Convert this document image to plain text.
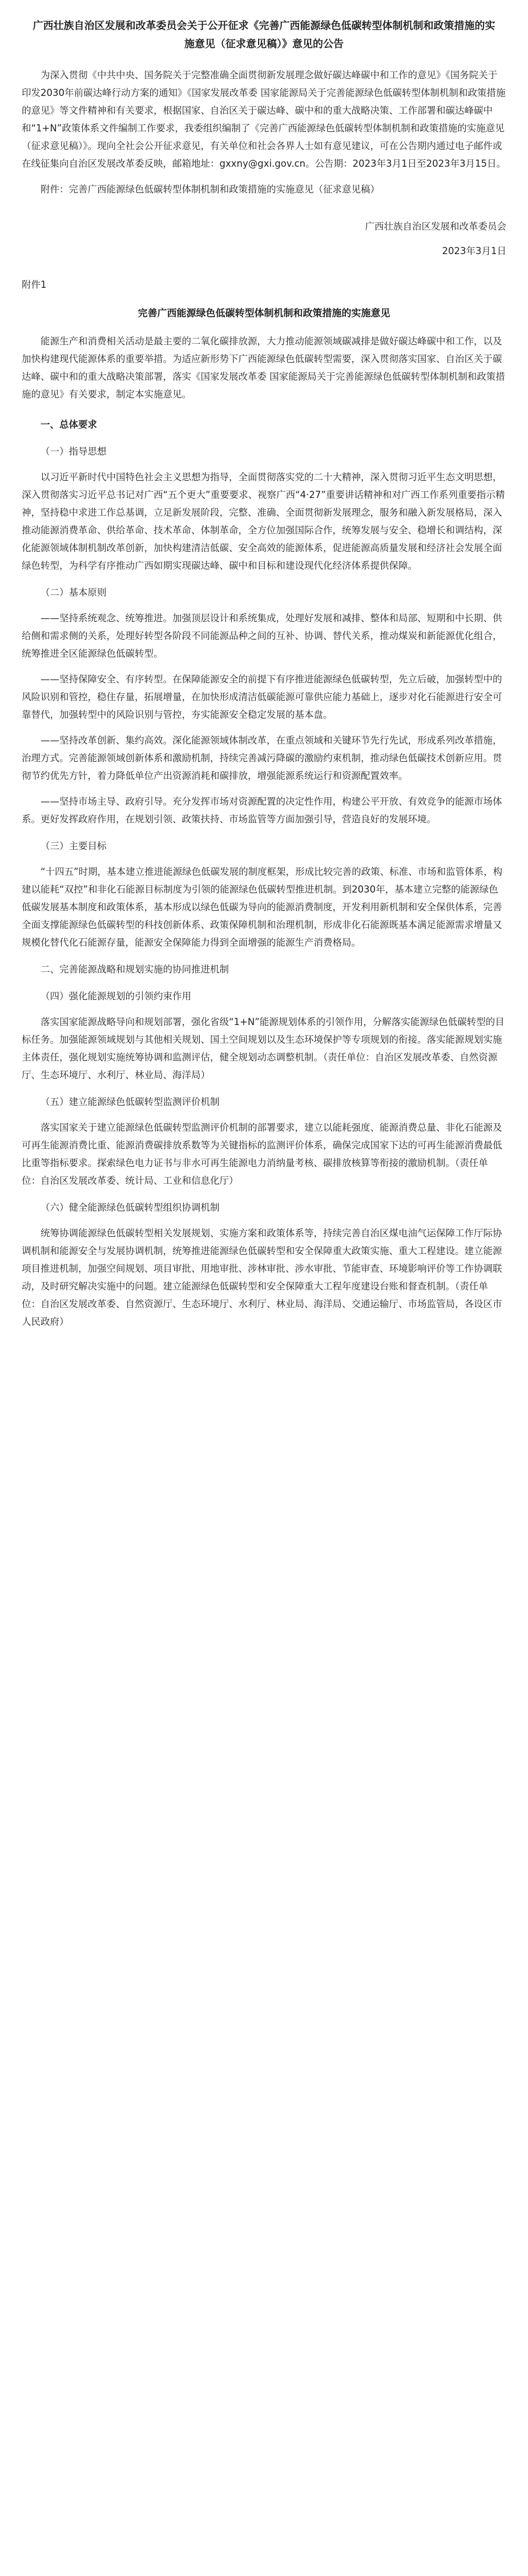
广西壮族自治区发展和改革委员会关于公开征求《完善广西能源绿色低碳转型体制机制和政策措施的实施意见（征求意见稿）》意见的公告

为深入贯彻《中共中央、国务院关于完整准确全面贯彻新发展理念做好碳达峰碳中和工作的意见》《国务院关于印发2030年前碳达峰行动方案的通知》《国家发展改革委 国家能源局关于完善能源绿色低碳转型体制机制和政策措施的意见》等文件精神和有关要求，根据国家、自治区关于碳达峰、碳中和的重大战略决策、工作部署和碳达峰碳中和“1+N”政策体系文件编制工作要求，我委组织编制了《完善广西能源绿色低碳转型体制机制和政策措施的实施意见（征求意见稿）》。现向全社会公开征求意见，有关单位和社会各界人士如有意见建议，可在公告期内通过电子邮件或在线征集向自治区发展改革委反映，邮箱地址：gxxny@gxi.gov.cn。公告期：2023年3月1日至2023年3月15日。

附件：完善广西能源绿色低碳转型体制机制和政策措施的实施意见（征求意见稿）

广西壮族自治区发展和改革委员会

2023年3月1日

附件1

完善广西能源绿色低碳转型体制机制和政策措施的实施意见

能源生产和消费相关活动是最主要的二氧化碳排放源，大力推动能源领域碳减排是做好碳达峰碳中和工作，以及加快构建现代能源体系的重要举措。为适应新形势下广西能源绿色低碳转型需要，深入贯彻落实国家、自治区关于碳达峰、碳中和的重大战略决策部署，落实《国家发展改革委 国家能源局关于完善能源绿色低碳转型体制机制和政策措施的意见》有关要求，制定本实施意见。

一、总体要求

（一）指导思想

以习近平新时代中国特色社会主义思想为指导，全面贯彻落实党的二十大精神，深入贯彻习近平生态文明思想，深入贯彻落实习近平总书记对广西“五个更大”重要要求、视察广西“4·27”重要讲话精神和对广西工作系列重要指示精神，坚持稳中求进工作总基调，立足新发展阶段，完整、准确、全面贯彻新发展理念，服务和融入新发展格局，深入推动能源消费革命、供给革命、技术革命、体制革命，全方位加强国际合作，统筹发展与安全、稳增长和调结构，深化能源领域体制机制改革创新，加快构建清洁低碳、安全高效的能源体系，促进能源高质量发展和经济社会发展全面绿色转型，为科学有序推动广西如期实现碳达峰、碳中和目标和建设现代化经济体系提供保障。

（二）基本原则

——坚持系统观念、统筹推进。加强顶层设计和系统集成，处理好发展和减排、整体和局部、短期和中长期、供给侧和需求侧的关系，处理好转型各阶段不同能源品种之间的互补、协调、替代关系，推动煤炭和新能源优化组合，统筹推进全区能源绿色低碳转型。

——坚持保障安全、有序转型。在保障能源安全的前提下有序推进能源绿色低碳转型，先立后破，加强转型中的风险识别和管控，稳住存量，拓展增量，在加快形成清洁低碳能源可靠供应能力基础上，逐步对化石能源进行安全可靠替代，加强转型中的风险识别与管控，夯实能源安全稳定发展的基本盘。

——坚持改革创新、集约高效。深化能源领域体制改革，在重点领域和关键环节先行先试，形成系列改革措施，治理方式。完善能源领域创新体系和激励机制，持续完善减污降碳的激励约束机制，推动绿色低碳技术创新应用。贯彻节约优先方针，着力降低单位产出资源消耗和碳排放，增强能源系统运行和资源配置效率。

——坚持市场主导、政府引导。充分发挥市场对资源配置的决定性作用，构建公平开放、有效竞争的能源市场体系。更好发挥政府作用，在规划引领、政策扶持、市场监管等方面加强引导，营造良好的发展环境。

（三）主要目标

“十四五”时期，基本建立推进能源绿色低碳发展的制度框架，形成比较完善的政策、标准、市场和监管体系，构建以能耗“双控”和非化石能源目标制度为引领的能源绿色低碳转型推进机制。到2030年，基本建立完整的能源绿色低碳发展基本制度和政策体系，基本形成以绿色低碳为导向的能源消费制度，开发利用新机制和安全保供体系，完善全面支撑能源绿色低碳转型的科技创新体系、政策保障机制和治理机制，形成非化石能源既基本满足能源需求增量又规模化替代化石能源存量，能源安全保障能力得到全面增强的能源生产消费格局。

二、完善能源战略和规划实施的协同推进机制

（四）强化能源规划的引领约束作用

落实国家能源战略导向和规划部署，强化省级“1+N”能源规划体系的引领作用，分解落实能源绿色低碳转型的目标任务。加强能源领域规划与其他相关规划、国土空间规划以及生态环境保护等专项规划的衔接。落实能源规划实施主体责任，强化规划实施统筹协调和监测评估，健全规划动态调整机制。（责任单位：自治区发展改革委、自然资源厅、生态环境厅、水利厅、林业局、海洋局）

（五）建立能源绿色低碳转型监测评价机制

落实国家关于建立能源绿色低碳转型监测评价机制的部署要求，建立以能耗强度、能源消费总量、非化石能源及可再生能源消费比重、能源消费碳排放系数等为关键指标的监测评价体系，确保完成国家下达的可再生能源消费最低比重等指标要求。探索绿色电力证书与非水可再生能源电力消纳量考核、碳排放核算等衔接的激励机制。（责任单位：自治区发展改革委、统计局、工业和信息化厅）

（六）健全能源绿色低碳转型组织协调机制

统筹协调能源绿色低碳转型相关发展规划、实施方案和政策体系等，持续完善自治区煤电油气运保障工作厅际协调机制和能源安全与发展协调机制，统筹推进能源绿色低碳转型和安全保障重大政策实施、重大工程建设。建立能源项目推进机制，加强空间规划、项目审批、用地审批、涉林审批、涉水审批、节能审查、环境影响评价等工作协调联动，及时研究解决实施中的问题。建立能源绿色低碳转型和安全保障重大工程年度建设台账和督查机制。（责任单位：自治区发展改革委、自然资源厅、生态环境厅、水利厅、林业局、海洋局、交通运输厅、市场监管局，各设区市人民政府）
